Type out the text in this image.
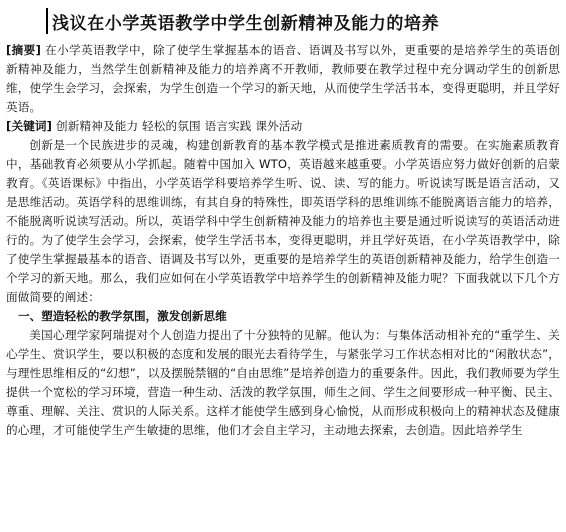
浅议在小学英语教学中学生创新精神及能力的培养
[摘要] 在小学英语教学中，除了使学生掌握基本的语音、语调及书写以外，更重要的是培养学生的英语创新精神及能力，当然学生创新精神及能力的培养离不开教师，教师要在教学过程中充分调动学生的创新思维，使学生会学习，会探索，为学生创造一个学习的新天地，从而使学生学活书本，变得更聪明，并且学好英语。
[关键词] 创新精神及能力 轻松的氛围 语言实践 课外活动
创新是一个民族进步的灵魂，构建创新教育的基本教学模式是推进素质教育的需要。在实施素质教育中，基础教育必须要从小学抓起。随着中国加入 WTO，英语越来越重要。小学英语应努力做好创新的启蒙教育。《英语课标》中指出，小学英语学科要培养学生听、说、读、写的能力。听说读写既是语言活动，又是思维活动。英语学科的思维训练，有其自身的特殊性，即英语学科的思维训练不能脱离语言能力的培养，不能脱离听说读写活动。所以，英语学科中学生创新精神及能力的培养也主要是通过听说读写的英语活动进行的。为了使学生会学习，会探索，使学生学活书本，变得更聪明，并且学好英语，在小学英语教学中，除了使学生掌握最基本的语音、语调及书写以外，更重要的是培养学生的英语创新精神及能力，给学生创造一个学习的新天地。那么，我们应如何在小学英语教学中培养学生的创新精神及能力呢？下面我就以下几个方面做简要的阐述：
一、塑造轻松的教学氛围，激发创新思维
美国心理学家阿瑞提对个人创造力提出了十分独特的见解。他认为：与集体活动相补充的“重学生、关心学生、赏识学生，要以积极的态度和发展的眼光去看待学生，与紧张学习工作状态相对比的“闲散状态”，与理性思维相反的“幻想”，以及摆脱禁锢的“自由思维”是培养创造力的重要条件。因此，我们教师要为学生提供一个宽松的学习环境，营造一种生动、活泼的教学氛围，师生之间、学生之间要形成一种平衡、民主、尊重、理解、关注、赏识的人际关系。这样才能使学生感到身心愉悦，从而形成积极向上的精神状态及健康的心理，才可能使学生产生敏捷的思维，他们才会自主学习，主动地去探索，去创造。因此培养学生
